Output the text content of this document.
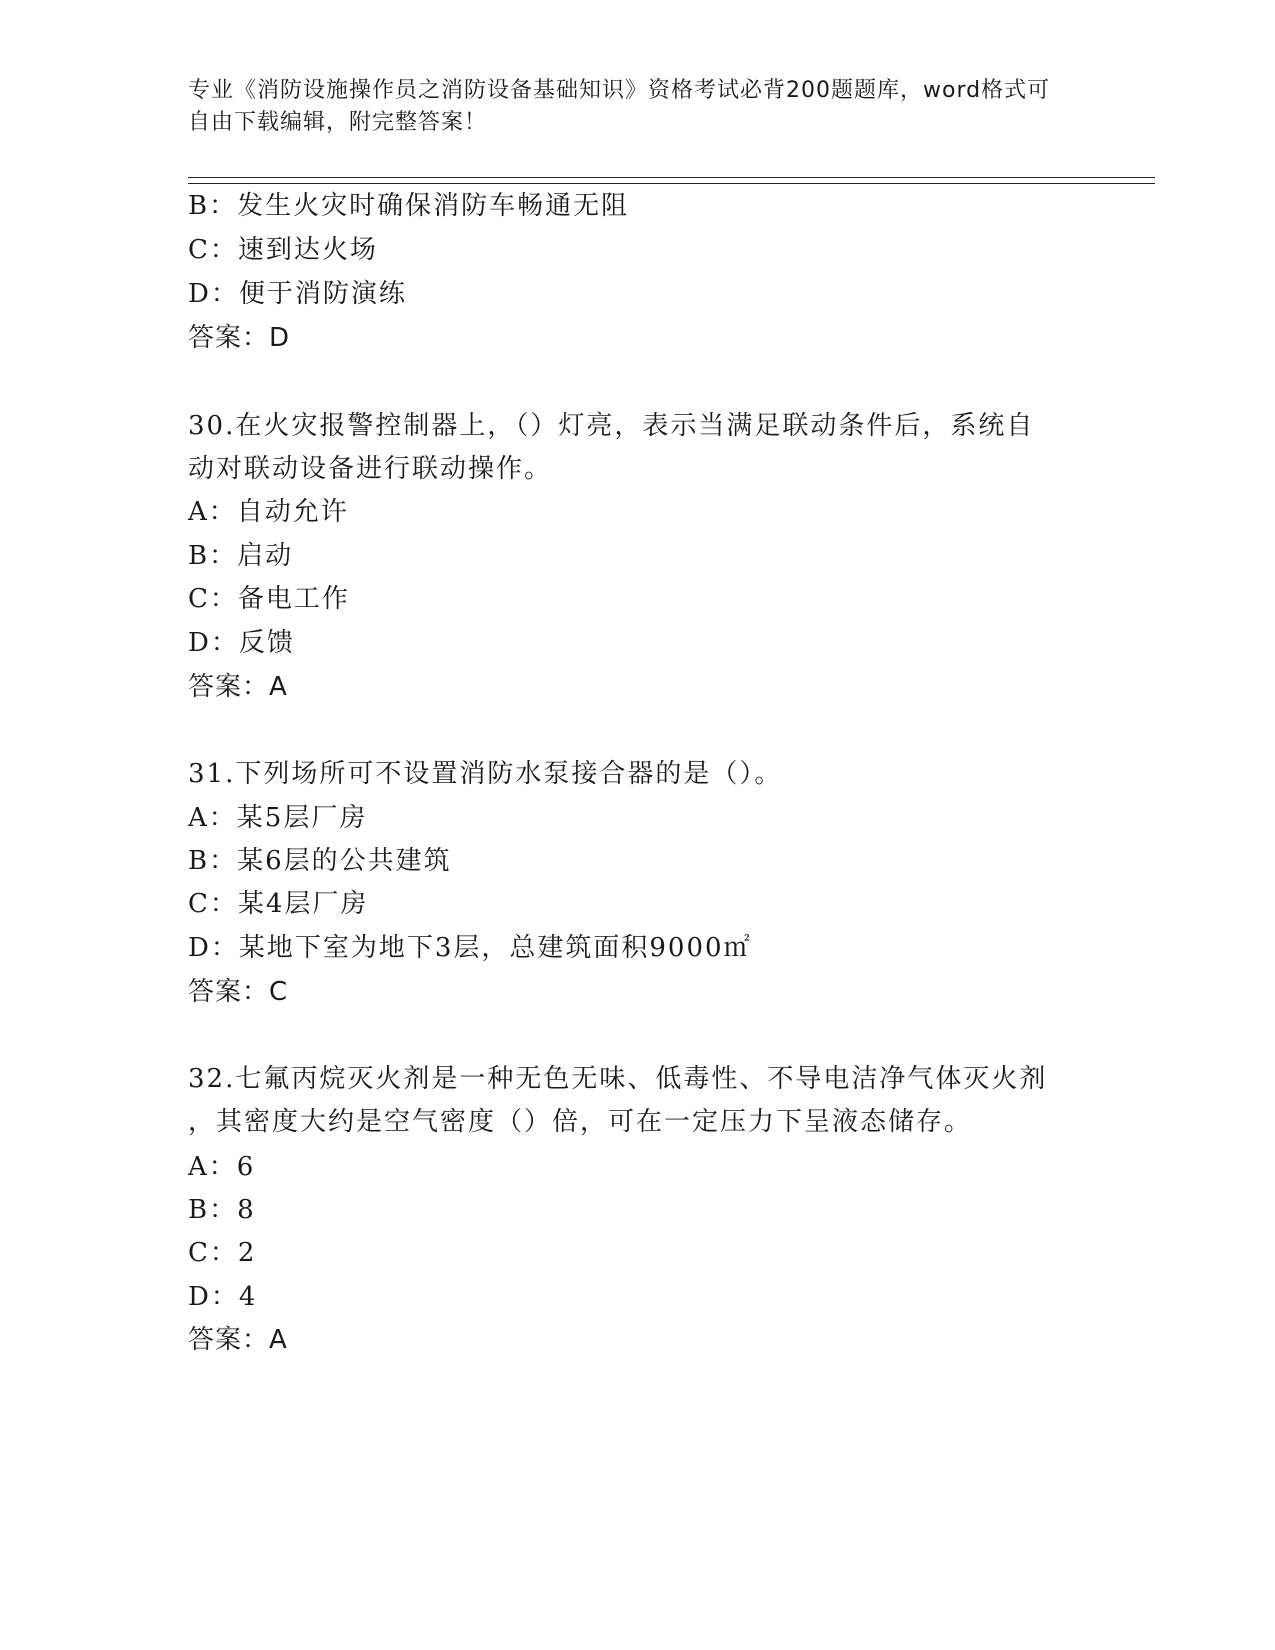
专业《消防设施操作员之消防设备基础知识》资格考试必背200题题库，word格式可自由下载编辑，附完整答案！
B：发生火灾时确保消防车畅通无阻
C：速到达火场
D：便于消防演练
答案：D
30.在火灾报警控制器上，（）灯亮，表示当满足联动条件后，系统自
动对联动设备进行联动操作。
A：自动允许
B：启动
C：备电工作
D：反馈
答案：A
31.下列场所可不设置消防水泵接合器的是（）。
A：某5层厂房
B：某6层的公共建筑
C：某4层厂房
D：某地下室为地下3层，总建筑面积9000㎡
答案：C
32.七氟丙烷灭火剂是一种无色无味、低毒性、不导电洁净气体灭火剂
，其密度大约是空气密度（）倍，可在一定压力下呈液态储存。
A：6
B：8
C：2
D：4
答案：A
